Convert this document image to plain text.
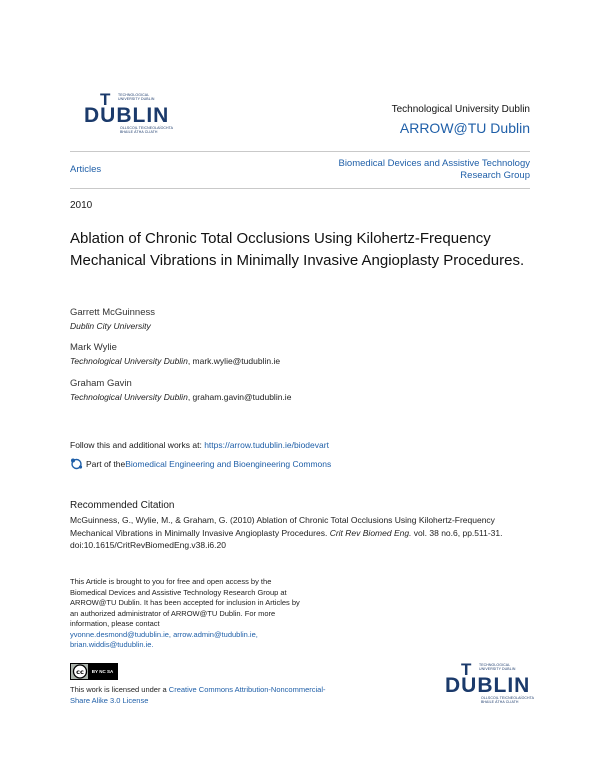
T TECHNOLOGICAL
UNIVERSITY DUBLIN
DUBLIN
OLLSCOIL TEICNEOLAÍOCHTA
BHAILE ÁTHA CLIATH
Technological University Dublin
ARROW@TU Dublin
Articles
Biomedical Devices and Assistive Technology Research Group
2010
Ablation of Chronic Total Occlusions Using Kilohertz-Frequency Mechanical Vibrations in Minimally Invasive Angioplasty Procedures.
Garrett McGuinness
Dublin City University
Mark Wylie
Technological University Dublin, mark.wylie@tudublin.ie
Graham Gavin
Technological University Dublin, graham.gavin@tudublin.ie
Follow this and additional works at: https://arrow.tudublin.ie/biodevart
Part of the Biomedical Engineering and Bioengineering Commons
Recommended Citation
McGuinness, G., Wylie, M., & Graham, G. (2010) Ablation of Chronic Total Occlusions Using Kilohertz-Frequency Mechanical Vibrations in Minimally Invasive Angioplasty Procedures. Crit Rev Biomed Eng. vol. 38 no.6, pp.511-31. doi:10.1615/CritRevBiomedEng.v38.i6.20
This Article is brought to you for free and open access by the Biomedical Devices and Assistive Technology Research Group at ARROW@TU Dublin. It has been accepted for inclusion in Articles by an authorized administrator of ARROW@TU Dublin. For more information, please contact
yvonne.desmond@tudublin.ie, arrow.admin@tudublin.ie, brian.widdis@tudublin.ie.
cc	BY NC SA
This work is licensed under a Creative Commons Attribution-Noncommercial-Share Alike 3.0 License
T TECHNOLOGICAL
UNIVERSITY DUBLIN
DUBLIN
OLLSCOIL TEICNEOLAÍOCHTA
BHAILE ÁTHA CLIATH
